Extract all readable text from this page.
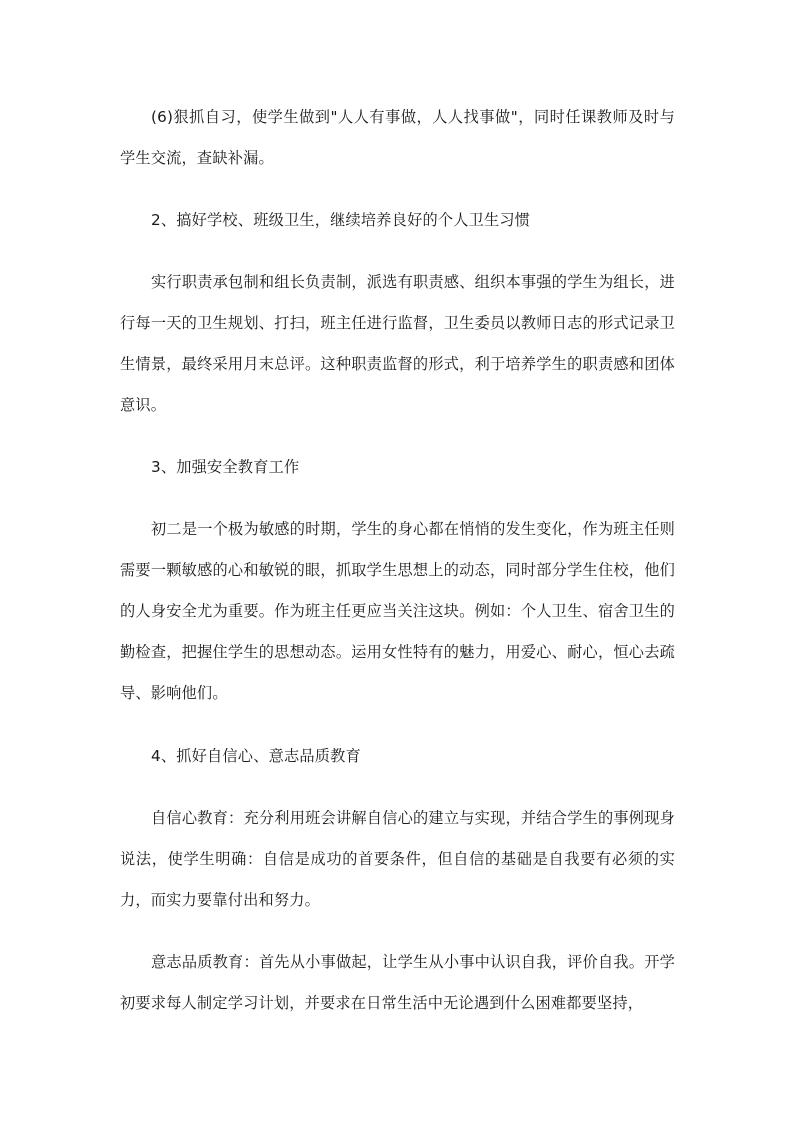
(6)狠抓自习，使学生做到"人人有事做，人人找事做"，同时任课教师及时与学生交流，查缺补漏。

2、搞好学校、班级卫生，继续培养良好的个人卫生习惯

实行职责承包制和组长负责制，派选有职责感、组织本事强的学生为组长，进行每一天的卫生规划、打扫，班主任进行监督，卫生委员以教师日志的形式记录卫生情景，最终采用月末总评。这种职责监督的形式，利于培养学生的职责感和团体意识。

3、加强安全教育工作

初二是一个极为敏感的时期，学生的身心都在悄悄的发生变化，作为班主任则需要一颗敏感的心和敏锐的眼，抓取学生思想上的动态，同时部分学生住校，他们的人身安全尤为重要。作为班主任更应当关注这块。例如：个人卫生、宿舍卫生的勤检查，把握住学生的思想动态。运用女性特有的魅力，用爱心、耐心，恒心去疏导、影响他们。

4、抓好自信心、意志品质教育

自信心教育：充分利用班会讲解自信心的建立与实现，并结合学生的事例现身说法，使学生明确：自信是成功的首要条件，但自信的基础是自我要有必须的实力，而实力要靠付出和努力。

意志品质教育：首先从小事做起，让学生从小事中认识自我，评价自我。开学初要求每人制定学习计划，并要求在日常生活中无论遇到什么困难都要坚持，
